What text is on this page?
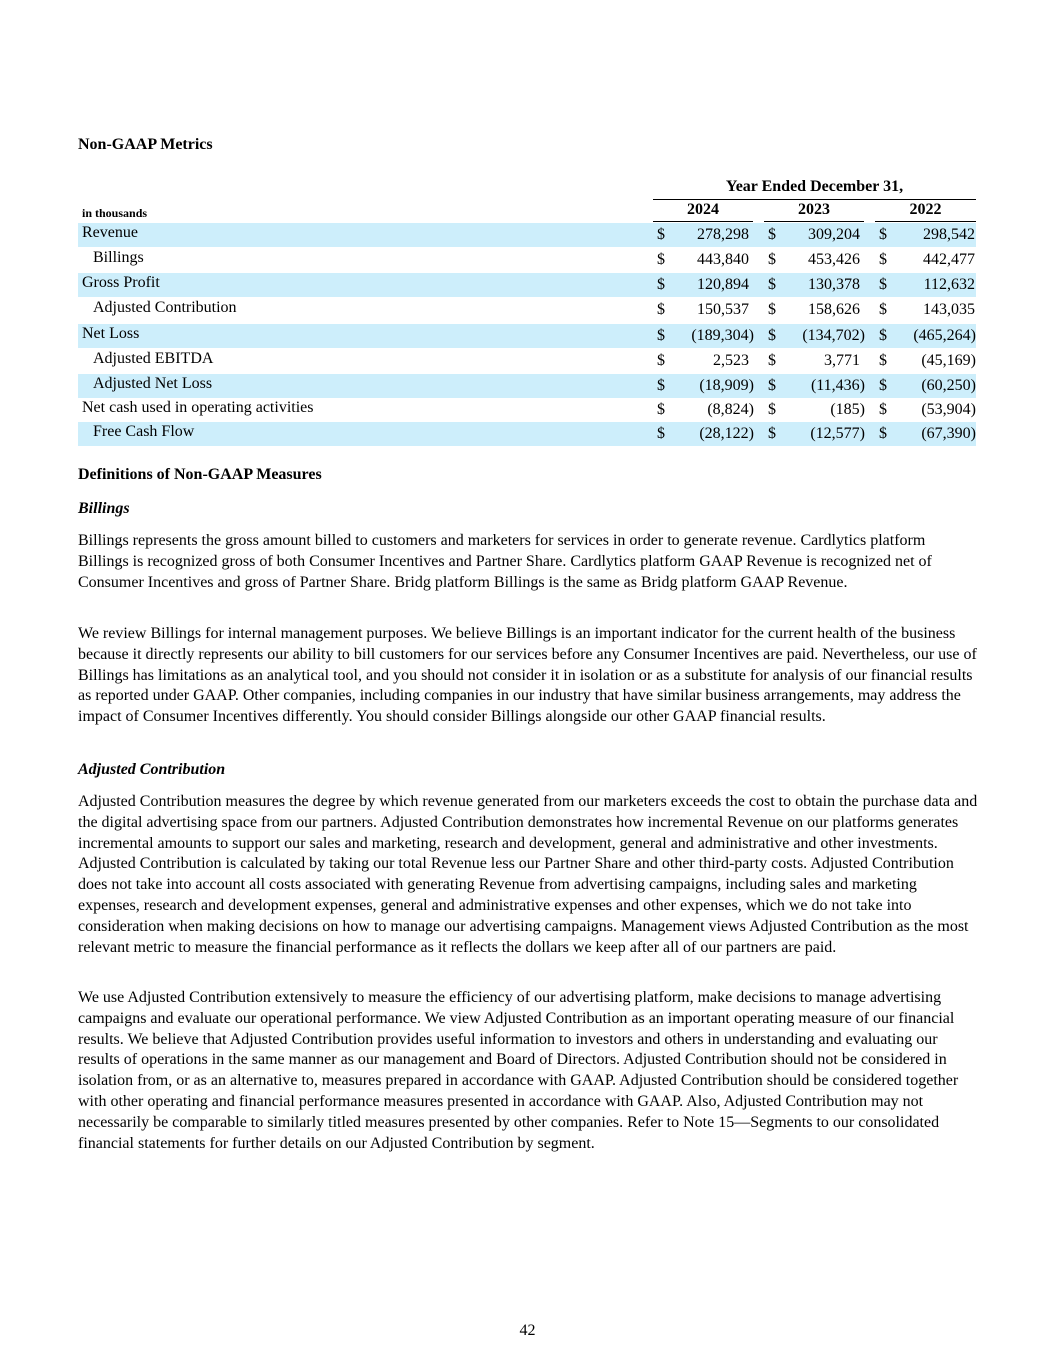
Non-GAAP Metrics
Year Ended December 31,
in thousands	2024	2023	2022
Revenue	$	278,298 $	309,204 $	298,542
Billings	$	443,840 $	453,426 $	442,477
Gross Profit	$	120,894 $	130,378 $	112,632
Adjusted Contribution	$	150,537 $	158,626 $	143,035
Net Loss	$	(189,304) $	(134,702) $	(465,264)
Adjusted EBITDA	$	2,523 $	3,771 $	(45,169)
Adjusted Net Loss	$	(18,909) $	(11,436) $	(60,250)
Net cash used in operating activities	$	(8,824) $	(185) $	(53,904)
Free Cash Flow	$	(28,122) $	(12,577) $	(67,390)
Definitions of Non-GAAP Measures
Billings

Billings represents the gross amount billed to customers and marketers for services in order to generate revenue. Cardlytics platform Billings is recognized gross of both Consumer Incentives and Partner Share. Cardlytics platform GAAP Revenue is recognized net of Consumer Incentives and gross of Partner Share. Bridg platform Billings is the same as Bridg platform GAAP Revenue.

We review Billings for internal management purposes. We believe Billings is an important indicator for the current health of the business because it directly represents our ability to bill customers for our services before any Consumer Incentives are paid. Nevertheless, our use of Billings has limitations as an analytical tool, and you should not consider it in isolation or as a substitute for analysis of our financial results as reported under GAAP. Other companies, including companies in our industry that have similar business arrangements, may address the impact of Consumer Incentives differently. You should consider Billings alongside our other GAAP financial results.

Adjusted Contribution

Adjusted Contribution measures the degree by which revenue generated from our marketers exceeds the cost to obtain the purchase data and the digital advertising space from our partners. Adjusted Contribution demonstrates how incremental Revenue on our platforms generates incremental amounts to support our sales and marketing, research and development, general and administrative and other investments. Adjusted Contribution is calculated by taking our total Revenue less our Partner Share and other third-party costs. Adjusted Contribution does not take into account all costs associated with generating Revenue from advertising campaigns, including sales and marketing expenses, research and development expenses, general and administrative expenses and other expenses, which we do not take into consideration when making decisions on how to manage our advertising campaigns. Management views Adjusted Contribution as the most relevant metric to measure the financial performance as it reflects the dollars we keep after all of our partners are paid.

We use Adjusted Contribution extensively to measure the efficiency of our advertising platform, make decisions to manage advertising campaigns and evaluate our operational performance. We view Adjusted Contribution as an important operating measure of our financial results. We believe that Adjusted Contribution provides useful information to investors and others in understanding and evaluating our results of operations in the same manner as our management and Board of Directors. Adjusted Contribution should not be considered in isolation from, or as an alternative to, measures prepared in accordance with GAAP. Adjusted Contribution should be considered together with other operating and financial performance measures presented in accordance with GAAP. Also, Adjusted Contribution may not necessarily be comparable to similarly titled measures presented by other companies. Refer to Note 15—Segments to our consolidated financial statements for further details on our Adjusted Contribution by segment.

42
